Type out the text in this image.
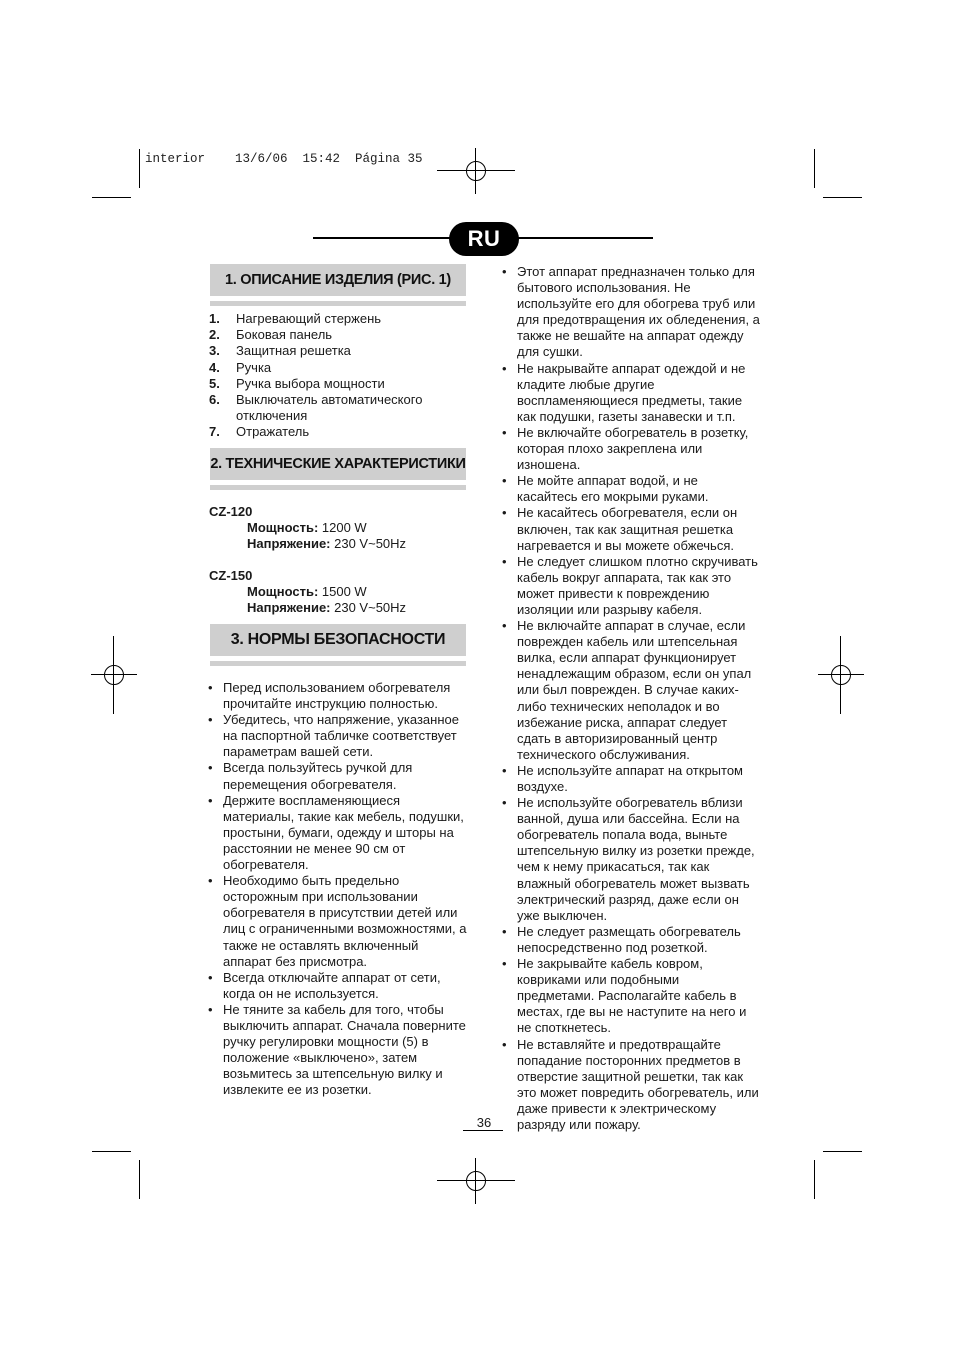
interior    13/6/06  15:42  Página 35
RU
1. ОПИСАНИЕ ИЗДЕЛИЯ (РИС. 1)
1.	Нагревающий стержень
2.	Боковая панель
3.	Защитная решетка
4.	Ручка
5.	Ручка выбора мощности
6.	Выключатель автоматического отключения
7.	Отражатель
2. ТЕХНИЧЕСКИЕ ХАРАКТЕРИСТИКИ
CZ-120
Мощность: 1200 W
Напряжение: 230 V~50Hz
CZ-150
Мощность: 1500 W
Напряжение: 230 V~50Hz
3. НОРМЫ БЕЗОПАСНОСТИ
• Перед использованием обогревателя прочитайте инструкцию полностью.
• Убедитесь, что напряжение, указанное на паспортной табличке соответствует параметрам вашей сети.
• Всегда пользуйтесь ручкой для перемещения обогревателя.
• Держите воспламеняющиеся материалы, такие как мебель, подушки, простыни, бумаги, одежду и шторы на расстоянии не менее 90 см от обогревателя.
• Необходимо быть предельно осторожным при использовании обогревателя в присутствии детей или лиц с ограниченными возможностями, а также не оставлять включенный аппарат без присмотра.
• Всегда отключайте аппарат от сети, когда он не используется.
• Не тяните за кабель для того, чтобы выключить аппарат. Сначала поверните ручку регулировки мощности (5) в положение «выключено», затем возьмитесь за штепсельную вилку и извлеките ее из розетки.
• Этот аппарат предназначен только для бытового использования. Не используйте его для обогрева труб или для предотвращения их обледенения, а также не вешайте на аппарат одежду для сушки.
• Не накрывайте аппарат одеждой и не кладите любые другие воспламеняющиеся предметы, такие как подушки, газеты занавески и т.п.
• Не включайте обогреватель в розетку, которая плохо закреплена или изношена.
• Не мойте аппарат водой, и не касайтесь его мокрыми руками.
• Не касайтесь обогревателя, если он включен, так как защитная решетка нагревается и вы можете обжечься.
• Не следует слишком плотно скручивать кабель вокруг аппарата, так как это может привести к повреждению изоляции или разрыву кабеля.
• Не включайте аппарат в случае, если поврежден кабель или штепсельная вилка, если аппарат функционирует ненадлежащим образом, если он упал или был поврежден. В случае каких-либо технических неполадок и во избежание риска, аппарат следует сдать в авторизированный центр технического обслуживания.
• Не используйте аппарат на открытом воздухе.
• Не используйте обогреватель вблизи ванной, душа или бассейна. Если на обогреватель попала вода, выньте штепсельную вилку из розетки прежде, чем к нему прикасаться, так как влажный обогреватель может вызвать электрический разряд, даже если он уже выключен.
• Не следует размещать обогреватель непосредственно под розеткой.
• Не закрывайте кабель ковром, ковриками или подобными предметами. Располагайте кабель в местах, где вы не наступите на него и не споткнетесь.
• Не вставляйте и предотвращайте попадание посторонних предметов в отверстие защитной решетки, так как это может повредить обогреватель, или даже привести к электрическому разряду или пожару.
36
